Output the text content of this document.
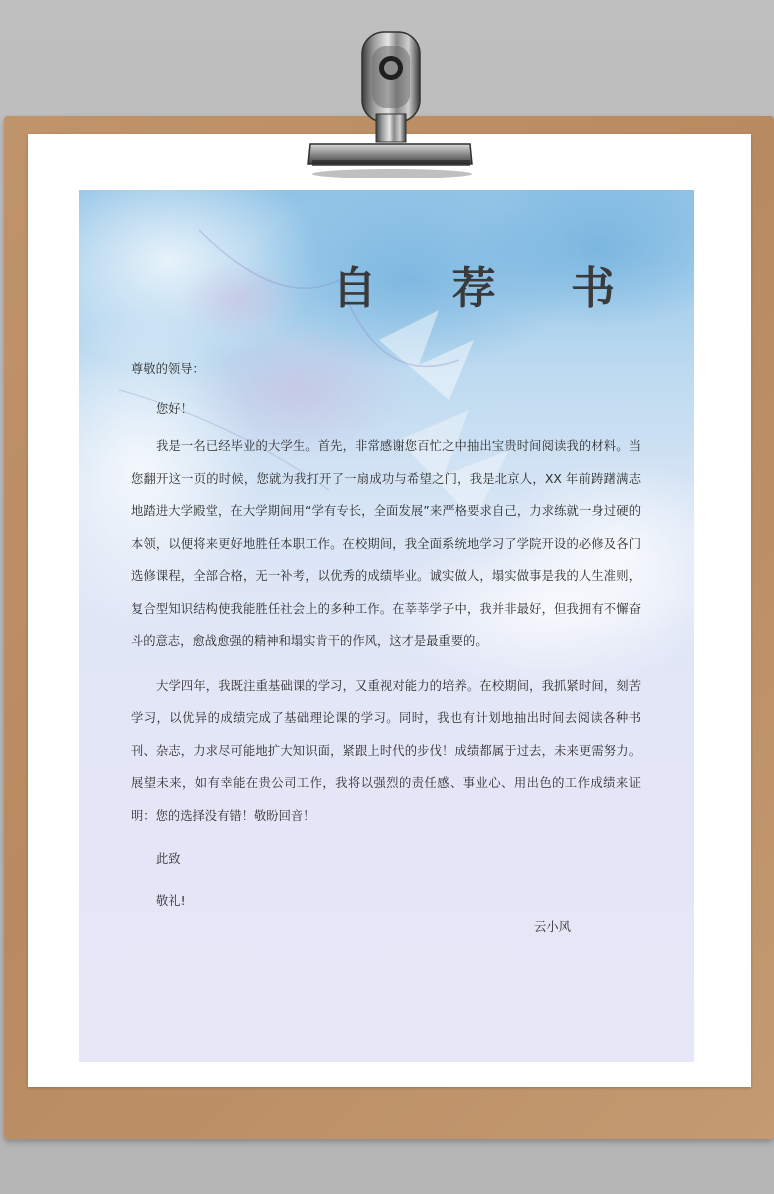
自 荐 书

尊敬的领导：

您好！

我是一名已经毕业的大学生。首先，非常感谢您百忙之中抽出宝贵时间阅读我的材料。当您翻开这一页的时候，您就为我打开了一扇成功与希望之门，我是北京人，XX 年前踌躇满志地踏进大学殿堂，在大学期间用“学有专长，全面发展”来严格要求自己，力求练就一身过硬的本领，以便将来更好地胜任本职工作。在校期间，我全面系统地学习了学院开设的必修及各门选修课程，全部合格，无一补考，以优秀的成绩毕业。诚实做人，塌实做事是我的人生准则，复合型知识结构使我能胜任社会上的多种工作。在莘莘学子中，我并非最好，但我拥有不懈奋斗的意志，愈战愈强的精神和塌实肯干的作风，这才是最重要的。

大学四年，我既注重基础课的学习，又重视对能力的培养。在校期间，我抓紧时间，刻苦学习，以优异的成绩完成了基础理论课的学习。同时，我也有计划地抽出时间去阅读各种书刊、杂志，力求尽可能地扩大知识面，紧跟上时代的步伐！成绩都属于过去，未来更需努力。展望未来，如有幸能在贵公司工作，我将以强烈的责任感、事业心、用出色的工作成绩来证明：您的选择没有错！敬盼回音！

此致

敬礼!

云小风
